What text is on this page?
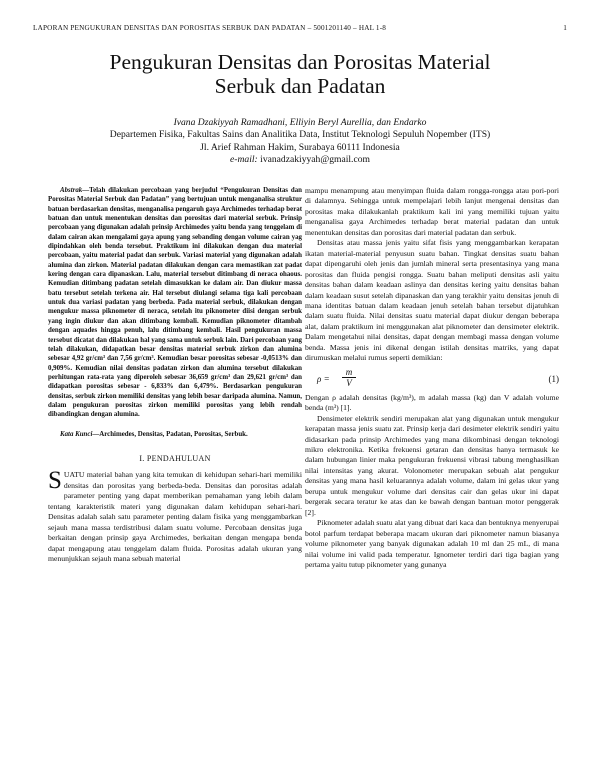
LAPORAN PENGUKURAN DENSITAS DAN POROSITAS SERBUK DAN PADATAN – 5001201140 – HAL 1-8	1
Pengukuran Densitas dan Porositas Material
Serbuk dan Padatan
Ivana Dzakiyyah Ramadhani, Elliyin Beryl Aurellia, dan Endarko
Departemen Fisika, Fakultas Sains dan Analitika Data, Institut Teknologi Sepuluh Nopember (ITS)
Jl. Arief Rahman Hakim, Surabaya 60111 Indonesia
e-mail: ivanadzakiyyah@gmail.com
Abstrak—Telah dilakukan percobaan yang berjudul “Pengukuran Densitas dan Porositas Material Serbuk dan Padatan” yang bertujuan untuk menganalisa struktur batuan berdasarkan densitas, menganalisa pengaruh gaya Archimedes terhadap berat batuan dan untuk menentukan densitas dan porositas dari material serbuk. Prinsip percobaan yang digunakan adalah prinsip Archimedes yaitu benda yang tenggelam di dalam cairan akan mengalami gaya apung yang sebanding dengan volume cairan yag dipindahkan oleh benda tersebut. Praktikum ini dilakukan dengan dua material percobaan, yaitu material padat dan serbuk. Variasi material yang digunakan adalah alumina dan zirkon. Material padatan dilakukan dengan cara memastikan zat padat kering dengan cara dipanaskan. Lalu, material tersebut ditimbang di neraca ohaous. Kemudian ditimbang padatan setelah dimasukkan ke dalam air. Dan diukur massa batu tersebut setelah terkena air. Hal tersebut diulangi selama tiga kali percobaan untuk dua variasi padatan yang berbeda. Pada material serbuk, dilakukan dengan mengukur massa piknometer di neraca, setelah itu piknometer diisi dengan serbuk yang ingin diukur dan akan ditimbang kembali. Kemudian piknometer ditambah dengan aquades hingga penuh, lalu ditimbang kembali. Hasil pengukuran massa tersebut dicatat dan dilakukan hal yang sama untuk serbuk lain. Dari percobaan yang telah dilakukan, didapatkan besar densitas material serbuk zirkon dan alumina sebesar 4,92 gr/cm³ dan 7,56 gr/cm³. Kemudian besar porositas sebesar -0,0513% dan 0,909%. Kemudian nilai densitas padatan zirkon dan alumina tersebut dilakukan perhitungan rata-rata yang diperoleh sebesar 36,659 gr/cm³ dan 29,621 gr/cm³ dan didapatkan porositas sebesar - 6,833% dan 6,479%. Berdasarkan pengukuran densitas, serbuk zirkon memiliki densitas yang lebih besar daripada alumina. Namun, dalam pengukuran porositas zirkon memiliki porositas yang lebih rendah dibandingkan dengan alumina.
Kata Kunci—Archimedes, Densitas, Padatan, Porositas, Serbuk.
I. PENDAHULUAN

SUATU material bahan yang kita temukan di kehidupan sehari-hari memiliki densitas dan porositas yang berbeda-beda. Densitas dan porositas adalah parameter penting yang dapat memberikan pemahaman yang lebih dalam tentang karakteristik materi yang digunakan dalam kehidupan sehari-hari. Densitas adalah salah satu parameter penting dalam fisika yang menggambarkan sejauh mana massa terdistribusi dalam suatu volume. Percobaan densitas juga berkaitan dengan prinsip gaya Archimedes, berkaitan dengan mengapa benda dapat mengapung atau tenggelam dalam fluida. Porositas adalah ukuran yang menunjukkan sejauh mana sebuah material

mampu menampung atau menyimpan fluida dalam rongga-rongga atau pori-pori di dalamnya. Sehingga untuk mempelajari lebih lanjut mengenai densitas dan porositas maka dilakukanlah praktikum kali ini yang memiliki tujuan yaitu menganalisa gaya Archimedes terhadap berat material padatan dan untuk menentukan densitas dan porositas dari material padatan dan serbuk.

Densitas atau massa jenis yaitu sifat fisis yang menggambarkan kerapatan ikatan material-material penyusun suatu bahan. Tingkat densitas suatu bahan dapat dipengaruhi oleh jenis dan jumlah mineral serta presentasinya yang mana porositas dan fluida pengisi rongga. Suatu bahan meliputi densitas asli yaitu densitas bahan dalam keadaan aslinya dan densitas kering yaitu densitas bahan dalam keadaan susut setelah dipanaskan dan yang terakhir yaitu densitas jenuh di mana identitas batuan dalam keadaan jenuh setelah bahan tersebut dijatuhkan dalam suatu fluida. Nilai densitas suatu material dapat diukur dengan beberapa alat, dalam praktikum ini menggunakan alat piknometer dan densimeter elektrik. Dalam mengetahui nilai densitas, dapat dengan membagi massa dengan volume benda. Massa jenis ini dikenal dengan istilah densitas matriks, yang dapat dirumuskan melalui rumus seperti demikian:

$\rho = \frac{m}{V}$	(1)

Dengan ρ adalah densitas (kg/m³), m adalah massa (kg) dan V adalah volume benda (m³) [1].

Densimeter elektrik sendiri merupakan alat yang digunakan untuk mengukur kerapatan massa jenis suatu zat. Prinsip kerja dari desimeter elektrik sendiri yaitu didasarkan pada prinsip Archimedes yang mana dikombinasi dengan teknologi mikro elektronika. Ketika frekuensi getaran dan densitas hanya termasuk ke dalam hubungan linier maka pengukuran frekuensi vibrasi tabung menghasilkan nilai intensitas yang akurat. Volonometer merupakan sebuah alat pengukur densitas yang mana hasil keluarannya adalah volume, dalam ini gelas ukur yang berupa untuk mengukur volume dari densitas cair dan gelas ukur ini dapat bergerak secara teratur ke atas dan ke bawah dengan bantuan motor penggerak [2].

Piknometer adalah suatu alat yang dibuat dari kaca dan bentuknya menyerupai botol parfum terdapat beberapa macam ukuran dari piknometer namun biasanya volume piknometer yang banyak digunakan adalah 10 ml dan 25 mL, di mana nilai volume ini valid pada temperatur. Ignometer terdiri dari tiga bagian yang pertama yaitu tutup piknometer yang gunanya
